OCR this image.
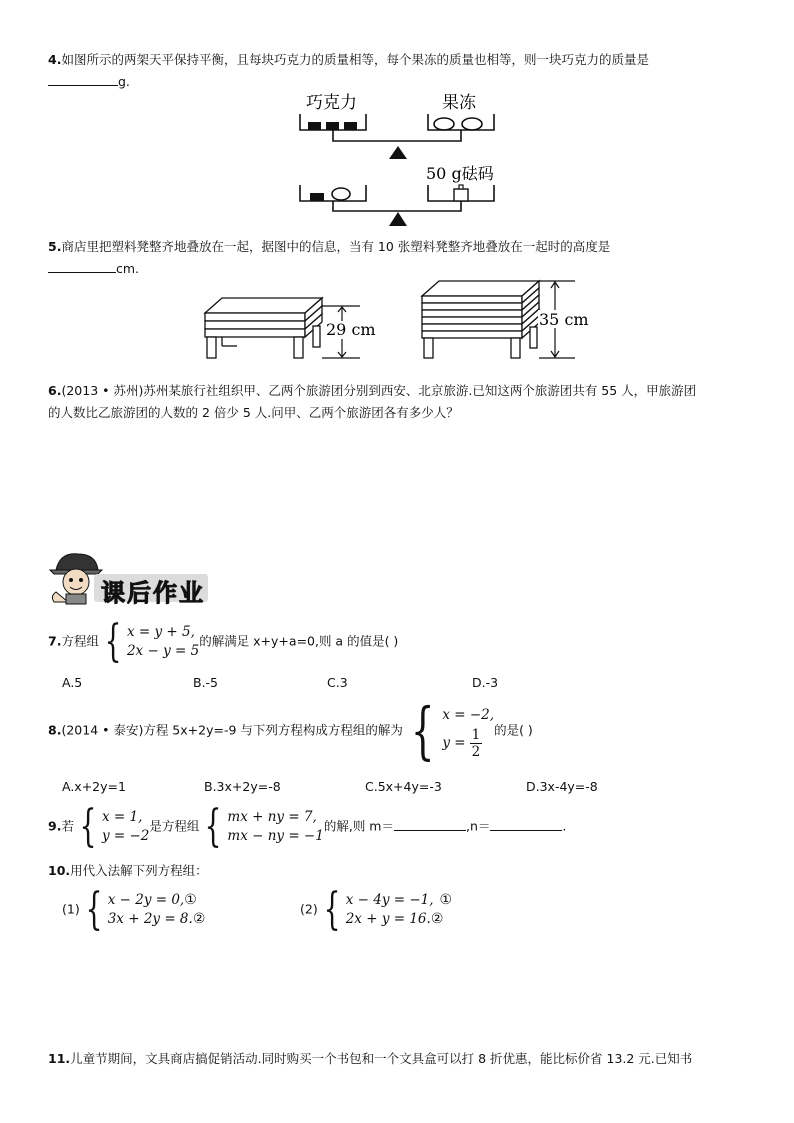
4.如图所示的两架天平保持平衡，且每块巧克力的质量相等，每个果冻的质量也相等，则一块巧克力的质量是
g.
巧克力	果冻
50 g砝码
5.商店里把塑料凳整齐地叠放在一起，据图中的信息，当有 10 张塑料凳整齐地叠放在一起时的高度是
cm.
29 cm
35 cm
6.(2013 • 苏州)苏州某旅行社组织甲、乙两个旅游团分别到西安、北京旅游.已知这两个旅游团共有 55 人，甲旅游团
的人数比乙旅游团的人数的 2 倍少 5 人.问甲、乙两个旅游团各有多少人？
课后作业
7.方程组 { x = y + 5,
2x − y = 5
的解满足 x+y+a=0,则 a 的值是( )
A.5	B.-5	C.3	D.-3
8.(2014 • 泰安)方程 5x+2y=-9 与下列方程构成方程组的解为 { x = −2,
$y = \frac{1}{2}$ 的是( )
A.x+2y=1	B.3x+2y=-8	C.5x+4y=-3	D.3x-4y=-8
9.若 { x = 1,
y = −2
是方程组 { mx + ny = 7,
mx − ny = −1
的解,则 m＝	,n＝	.
10.用代入法解下列方程组：
(1) { x − 2y = 0,①
3x + 2y = 8.②
(2) { x − 4y = −1, ①
2x + y = 16.②
11.儿童节期间，文具商店搞促销活动.同时购买一个书包和一个文具盒可以打 8 折优惠，能比标价省 13.2 元.已知书
